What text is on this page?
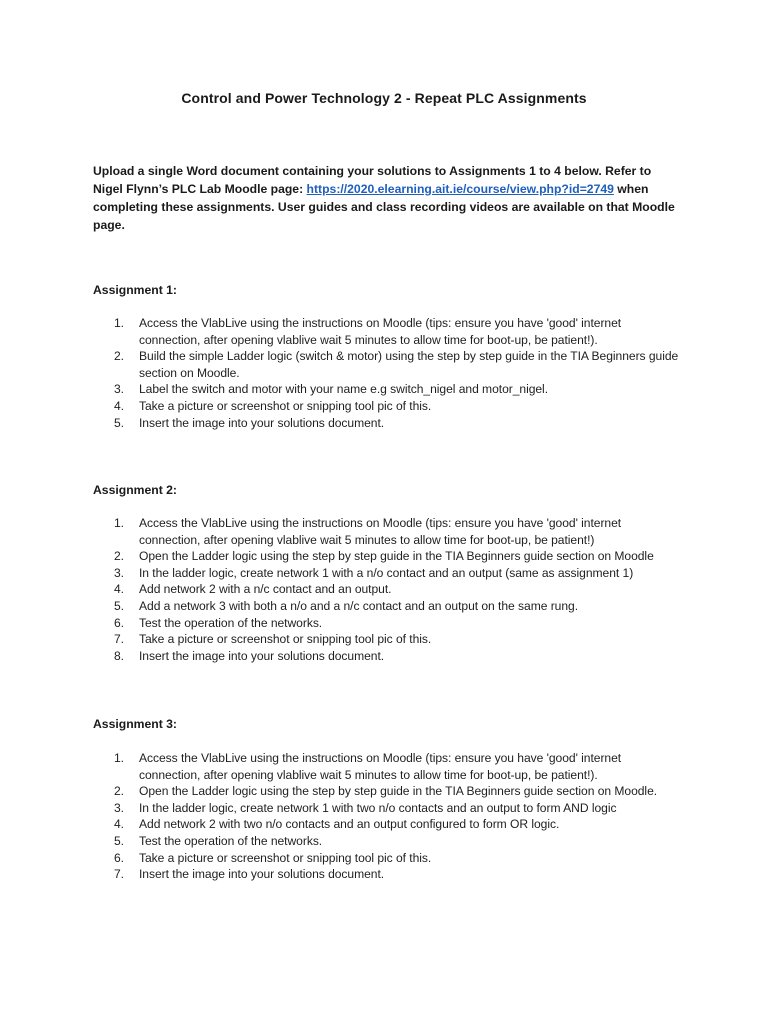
Control and Power Technology 2 - Repeat PLC Assignments
Upload a single Word document containing your solutions to Assignments 1 to 4 below. Refer to Nigel Flynn’s PLC Lab Moodle page: https://2020.elearning.ait.ie/course/view.php?id=2749 when completing these assignments. User guides and class recording videos are available on that Moodle page.
Assignment 1:
1.	Access the VlabLive using the instructions on Moodle (tips: ensure you have 'good' internet connection, after opening vlablive wait 5 minutes to allow time for boot-up, be patient!).
2.	Build the simple Ladder logic (switch & motor) using the step by step guide in the TIA Beginners guide section on Moodle.
3.	Label the switch and motor with your name e.g switch_nigel and motor_nigel.
4.	Take a picture or screenshot or snipping tool pic of this.
5.	Insert the image into your solutions document.
Assignment 2:
1.	Access the VlabLive using the instructions on Moodle (tips: ensure you have 'good' internet connection, after opening vlablive wait 5 minutes to allow time for boot-up, be patient!)
2.	Open the Ladder logic using the step by step guide in the TIA Beginners guide section on Moodle
3.	In the ladder logic, create network 1 with a n/o contact and an output (same as assignment 1)
4.	Add network 2 with a n/c contact and an output.
5.	Add a network 3 with both a n/o and a n/c contact and an output on the same rung.
6.	Test the operation of the networks.
7.	Take a picture or screenshot or snipping tool pic of this.
8.	Insert the image into your solutions document.
Assignment 3:
1.	Access the VlabLive using the instructions on Moodle (tips: ensure you have 'good' internet connection, after opening vlablive wait 5 minutes to allow time for boot-up, be patient!).
2.	Open the Ladder logic using the step by step guide in the TIA Beginners guide section on Moodle.
3.	In the ladder logic, create network 1 with two n/o contacts and an output to form AND logic
4.	Add network 2 with two n/o contacts and an output configured to form OR logic.
5.	Test the operation of the networks.
6.	Take a picture or screenshot or snipping tool pic of this.
7.	Insert the image into your solutions document.
